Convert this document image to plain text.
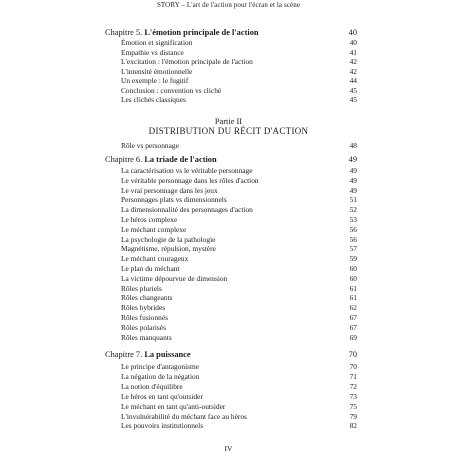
STORY – L'art de l'action pour l'écran et la scène
Chapitre 5. L'émotion principale de l'action	40
Émotion et signification	40
Empathie vs distance	41
L'excitation : l'émotion principale de l'action	42
L'intensité émotionnelle	42
Un exemple : le fugitif	44
Conclusion : convention vs cliché	45
Les clichés classiques	45
Partie II
DISTRIBUTION DU RÉCIT D'ACTION
Rôle vs personnage	48
Chapitre 6. La triade de l'action	49
La caractérisation vs le véritable personnage	49
Le véritable personnage dans les rôles d'action	49
Le vrai personnage dans les jeux	49
Personnages plats vs dimensionnels	51
La dimensionnalité des personnages d'action	52
Le héros complexe	53
Le méchant complexe	56
La psychologie de la pathologie	56
Magnétisme, répulsion, mystère	57
Le méchant courageux	59
Le plan du méchant	60
La victime dépourvue de dimension	60
Rôles pluriels	61
Rôles changeants	61
Rôles hybrides	62
Rôles fusionnés	67
Rôles polarisés	67
Rôles manquants	69
Chapitre 7. La puissance	70
Le principe d'antagonisme	70
La négation de la négation	71
La notion d'équilibre	72
Le héros en tant qu'outsider	73
Le méchant en tant qu'anti-outsider	75
L'invulnérabilité du méchant face au héros	79
Les pouvoirs institutionnels	82
IV
